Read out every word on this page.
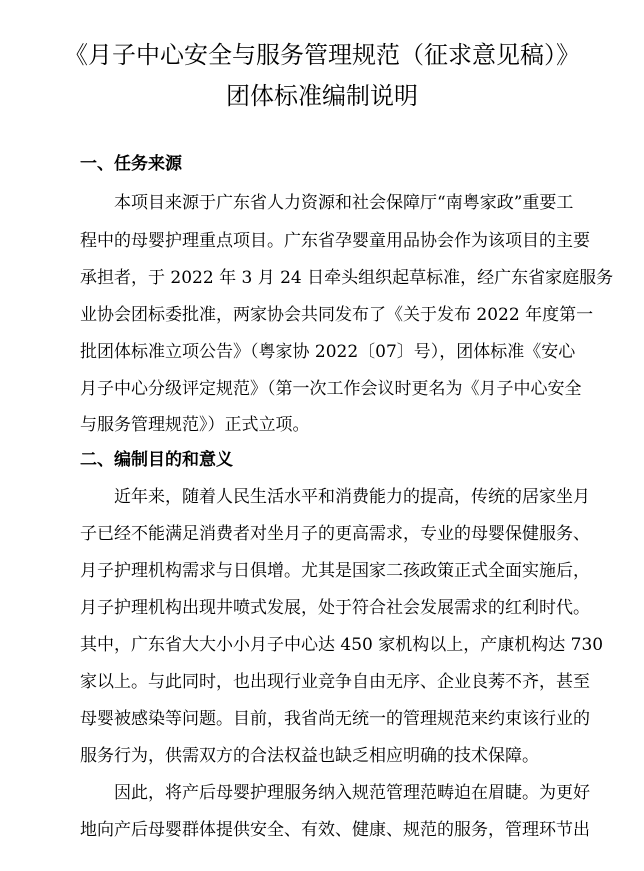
《月子中心安全与服务管理规范（征求意见稿）》
团体标准编制说明
一、任务来源

本项目来源于广东省人力资源和社会保障厅“南粤家政”重要工

程中的母婴护理重点项目。广东省孕婴童用品协会作为该项目的主要

承担者，于 2022 年 3 月 24 日牵头组织起草标准，经广东省家庭服务

业协会团标委批准，两家协会共同发布了《关于发布 2022 年度第一

批团体标准立项公告》（粤家协 2022〔07〕号），团体标准《安心

月子中心分级评定规范》（第一次工作会议时更名为《月子中心安全

与服务管理规范》）正式立项。

二、编制目的和意义

近年来，随着人民生活水平和消费能力的提高，传统的居家坐月

子已经不能满足消费者对坐月子的更高需求，专业的母婴保健服务、

月子护理机构需求与日俱增。尤其是国家二孩政策正式全面实施后，

月子护理机构出现井喷式发展，处于符合社会发展需求的红利时代。

其中，广东省大大小小月子中心达 450 家机构以上，产康机构达 730

家以上。与此同时，也出现行业竞争自由无序、企业良莠不齐，甚至

母婴被感染等问题。目前，我省尚无统一的管理规范来约束该行业的

服务行为，供需双方的合法权益也缺乏相应明确的技术保障。

因此，将产后母婴护理服务纳入规范管理范畴迫在眉睫。为更好

地向产后母婴群体提供安全、有效、健康、规范的服务，管理环节出
